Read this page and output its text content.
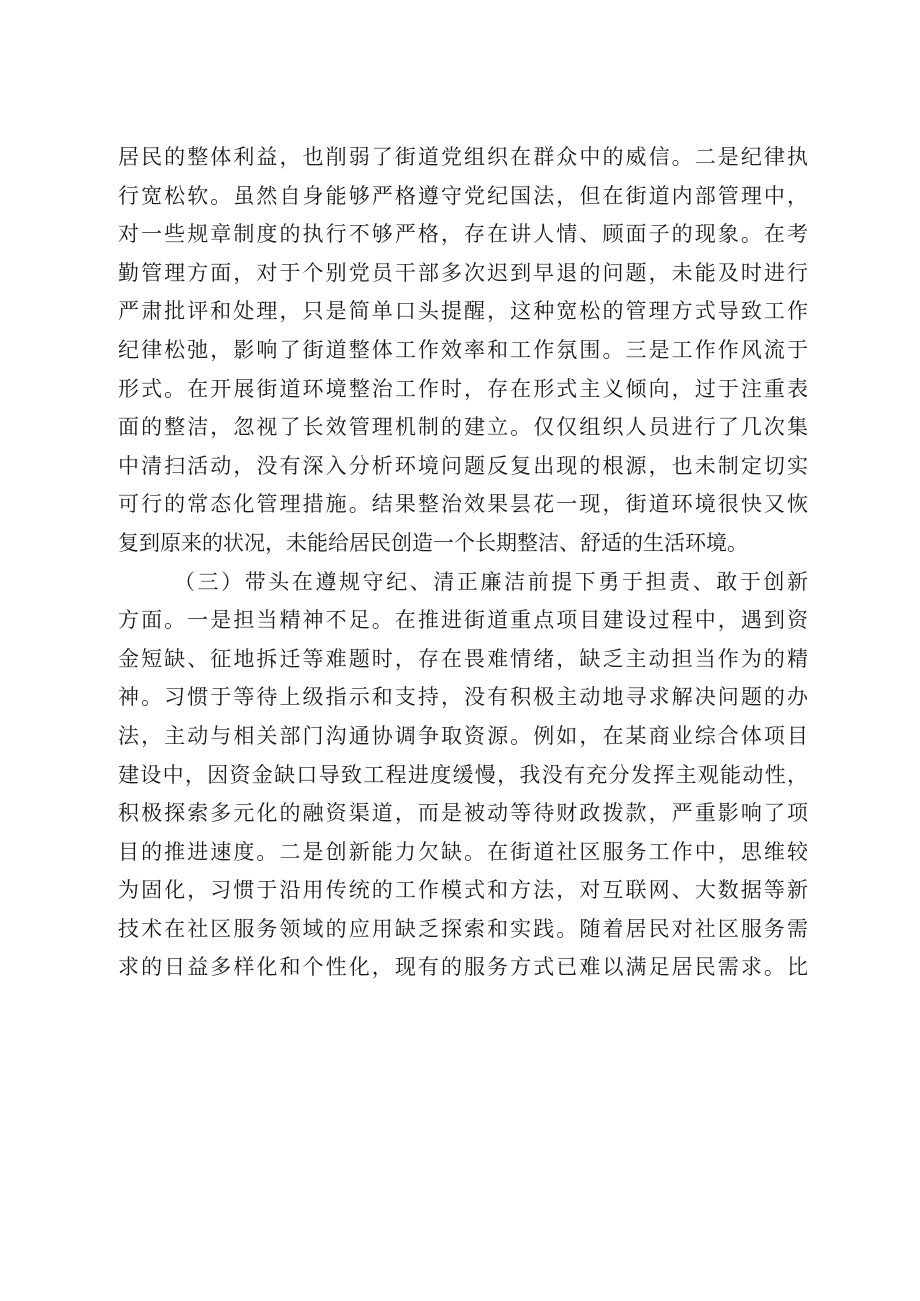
居民的整体利益，也削弱了街道党组织在群众中的威信。二是纪律执
行宽松软。虽然自身能够严格遵守党纪国法，但在街道内部管理中，
对一些规章制度的执行不够严格，存在讲人情、顾面子的现象。在考
勤管理方面，对于个别党员干部多次迟到早退的问题，未能及时进行
严肃批评和处理，只是简单口头提醒，这种宽松的管理方式导致工作
纪律松弛，影响了街道整体工作效率和工作氛围。三是工作作风流于
形式。在开展街道环境整治工作时，存在形式主义倾向，过于注重表
面的整洁，忽视了长效管理机制的建立。仅仅组织人员进行了几次集
中清扫活动，没有深入分析环境问题反复出现的根源，也未制定切实
可行的常态化管理措施。结果整治效果昙花一现，街道环境很快又恢
复到原来的状况，未能给居民创造一个长期整洁、舒适的生活环境。
（三）带头在遵规守纪、清正廉洁前提下勇于担责、敢于创新
方面。一是担当精神不足。在推进街道重点项目建设过程中，遇到资
金短缺、征地拆迁等难题时，存在畏难情绪，缺乏主动担当作为的精
神。习惯于等待上级指示和支持，没有积极主动地寻求解决问题的办
法，主动与相关部门沟通协调争取资源。例如，在某商业综合体项目
建设中，因资金缺口导致工程进度缓慢，我没有充分发挥主观能动性，
积极探索多元化的融资渠道，而是被动等待财政拨款，严重影响了项
目的推进速度。二是创新能力欠缺。在街道社区服务工作中，思维较
为固化，习惯于沿用传统的工作模式和方法，对互联网、大数据等新
技术在社区服务领域的应用缺乏探索和实践。随着居民对社区服务需
求的日益多样化和个性化，现有的服务方式已难以满足居民需求。比
